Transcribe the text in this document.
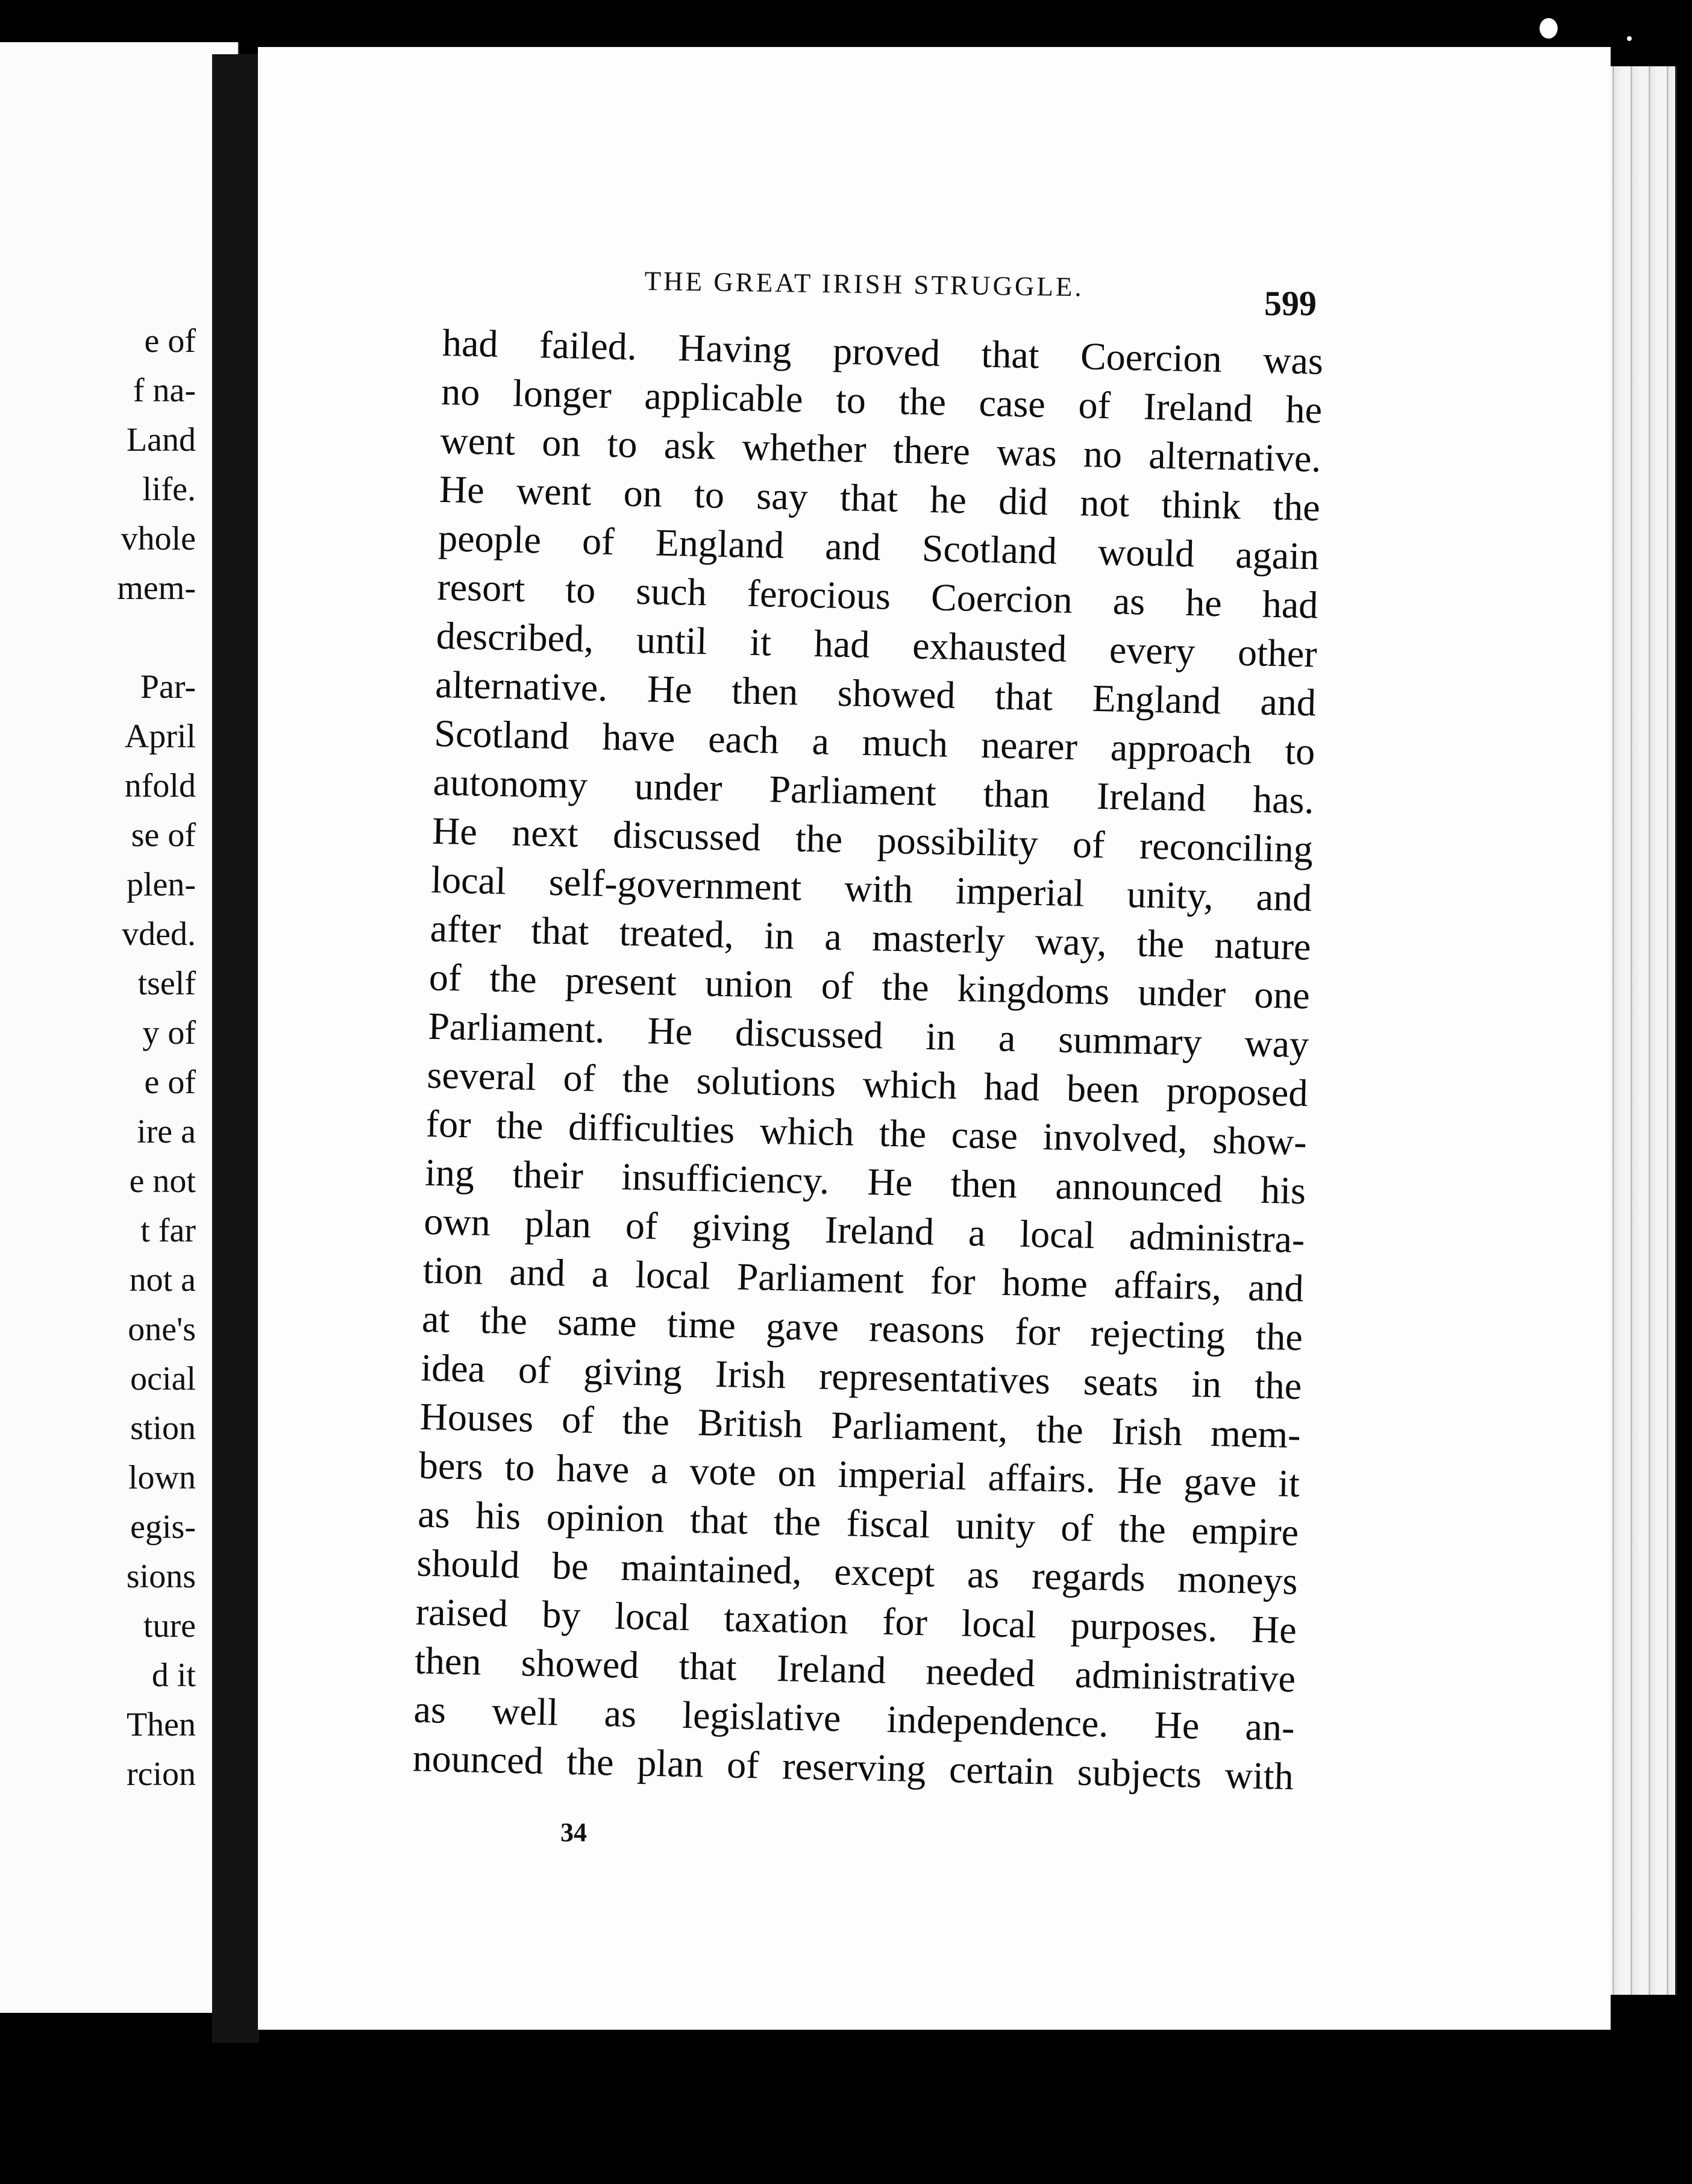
e of
f na-
Land
life.
vhole
mem-

Par-
April
nfold
se of
plen-
vded.
tself
y of
e of
ire a
e not
t far
not a
one's
ocial
stion
lown
egis-
sions
ture
d it
Then
rcion
THE GREAT IRISH STRUGGLE.	599
had failed. Having proved that Coercion was
no longer applicable to the case of Ireland he
went on to ask whether there was no alternative.
He went on to say that he did not think the
people of England and Scotland would again
resort to such ferocious Coercion as he had
described, until it had exhausted every other
alternative. He then showed that England and
Scotland have each a much nearer approach to
autonomy under Parliament than Ireland has.
He next discussed the possibility of reconciling
local self-government with imperial unity, and
after that treated, in a masterly way, the nature
of the present union of the kingdoms under one
Parliament. He discussed in a summary way
several of the solutions which had been proposed
for the difficulties which the case involved, show-
ing their insufficiency. He then announced his
own plan of giving Ireland a local administra-
tion and a local Parliament for home affairs, and
at the same time gave reasons for rejecting the
idea of giving Irish representatives seats in the
Houses of the British Parliament, the Irish mem-
bers to have a vote on imperial affairs. He gave it
as his opinion that the fiscal unity of the empire
should be maintained, except as regards moneys
raised by local taxation for local purposes. He
then showed that Ireland needed administrative
as well as legislative independence. He an-
nounced the plan of reserving certain subjects with
34
